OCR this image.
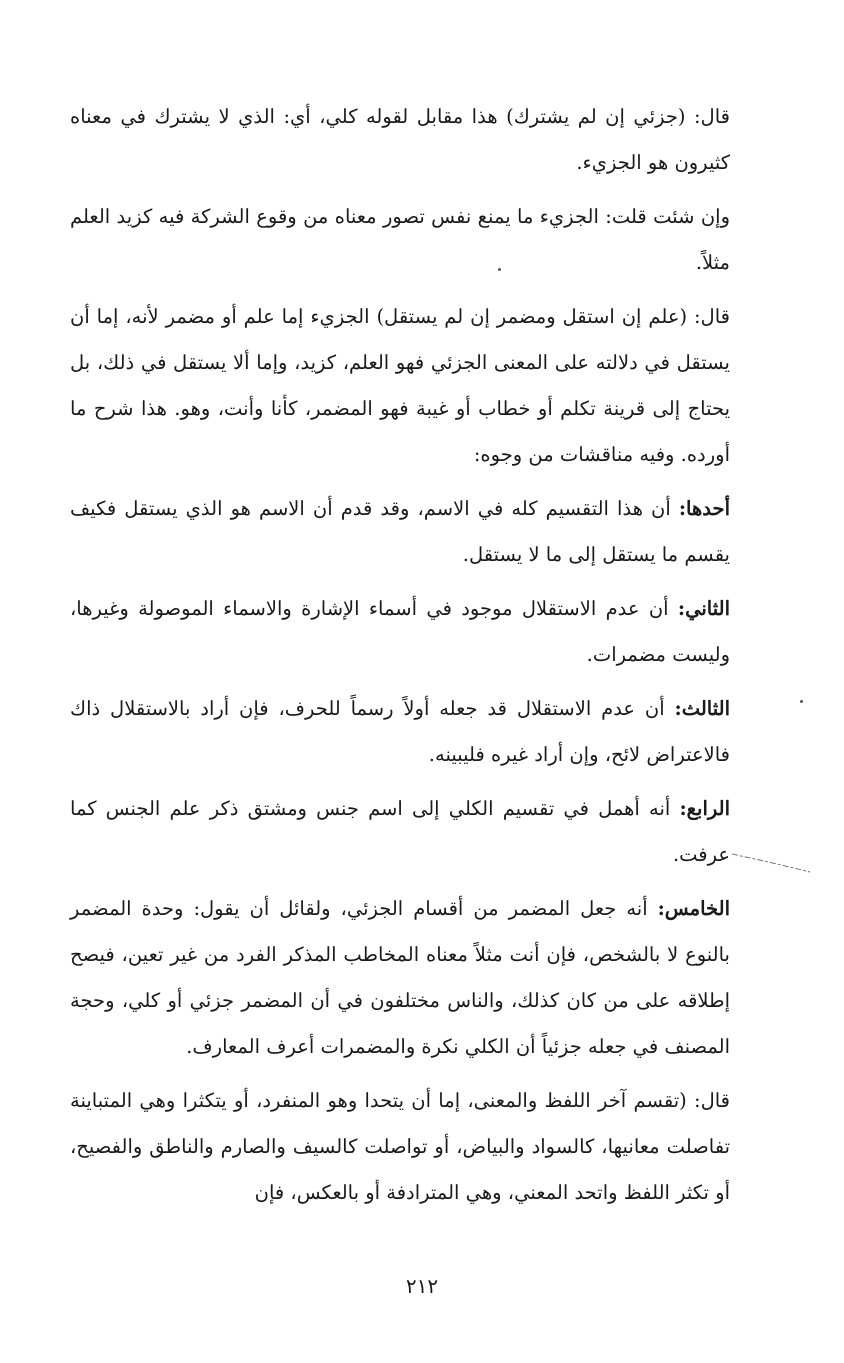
قال: (جزئي إن لم يشترك) هذا مقابل لقوله كلي، أي: الذي لا يشترك في معناه كثيرون هو الجزيء.

وإن شئت قلت: الجزيء ما يمنع نفس تصور معناه من وقوع الشركة فيه كزيد العلم مثلاً.

قال: (علم إن استقل ومضمر إن لم يستقل) الجزيء إما علم أو مضمر لأنه، إما أن يستقل في دلالته على المعنى الجزئي فهو العلم، كزيد، وإما ألا يستقل في ذلك، بل يحتاج إلى قرينة تكلم أو خطاب أو غيبة فهو المضمر، كأنا وأنت، وهو. هذا شرح ما أورده. وفيه مناقشات من وجوه:

أحدها: أن هذا التقسيم كله في الاسم، وقد قدم أن الاسم هو الذي يستقل فكيف يقسم ما يستقل إلى ما لا يستقل.

الثاني: أن عدم الاستقلال موجود في أسماء الإشارة والاسماء الموصولة وغيرها، وليست مضمرات.

الثالث: أن عدم الاستقلال قد جعله أولاً رسماً للحرف، فإن أراد بالاستقلال ذاك فالاعتراض لائح، وإن أراد غيره فليبينه.

الرابع: أنه أهمل في تقسيم الكلي إلى اسم جنس ومشتق ذكر علم الجنس كما عرفت.

الخامس: أنه جعل المضمر من أقسام الجزئي، ولقائل أن يقول: وحدة المضمر بالنوع لا بالشخص، فإن أنت مثلاً معناه المخاطب المذكر الفرد من غير تعين، فيصح إطلاقه على من كان كذلك، والناس مختلفون في أن المضمر جزئي أو كلي، وحجة المصنف في جعله جزئياً أن الكلي نكرة والمضمرات أعرف المعارف.

قال: (تقسم آخر اللفظ والمعنى، إما أن يتحدا وهو المنفرد، أو يتكثرا وهي المتباينة تفاصلت معانيها، كالسواد والبياض، أو تواصلت كالسيف والصارم والناطق والفصيح، أو تكثر اللفظ واتحد المعني، وهي المترادفة أو بالعكس، فإن

٢١٢
